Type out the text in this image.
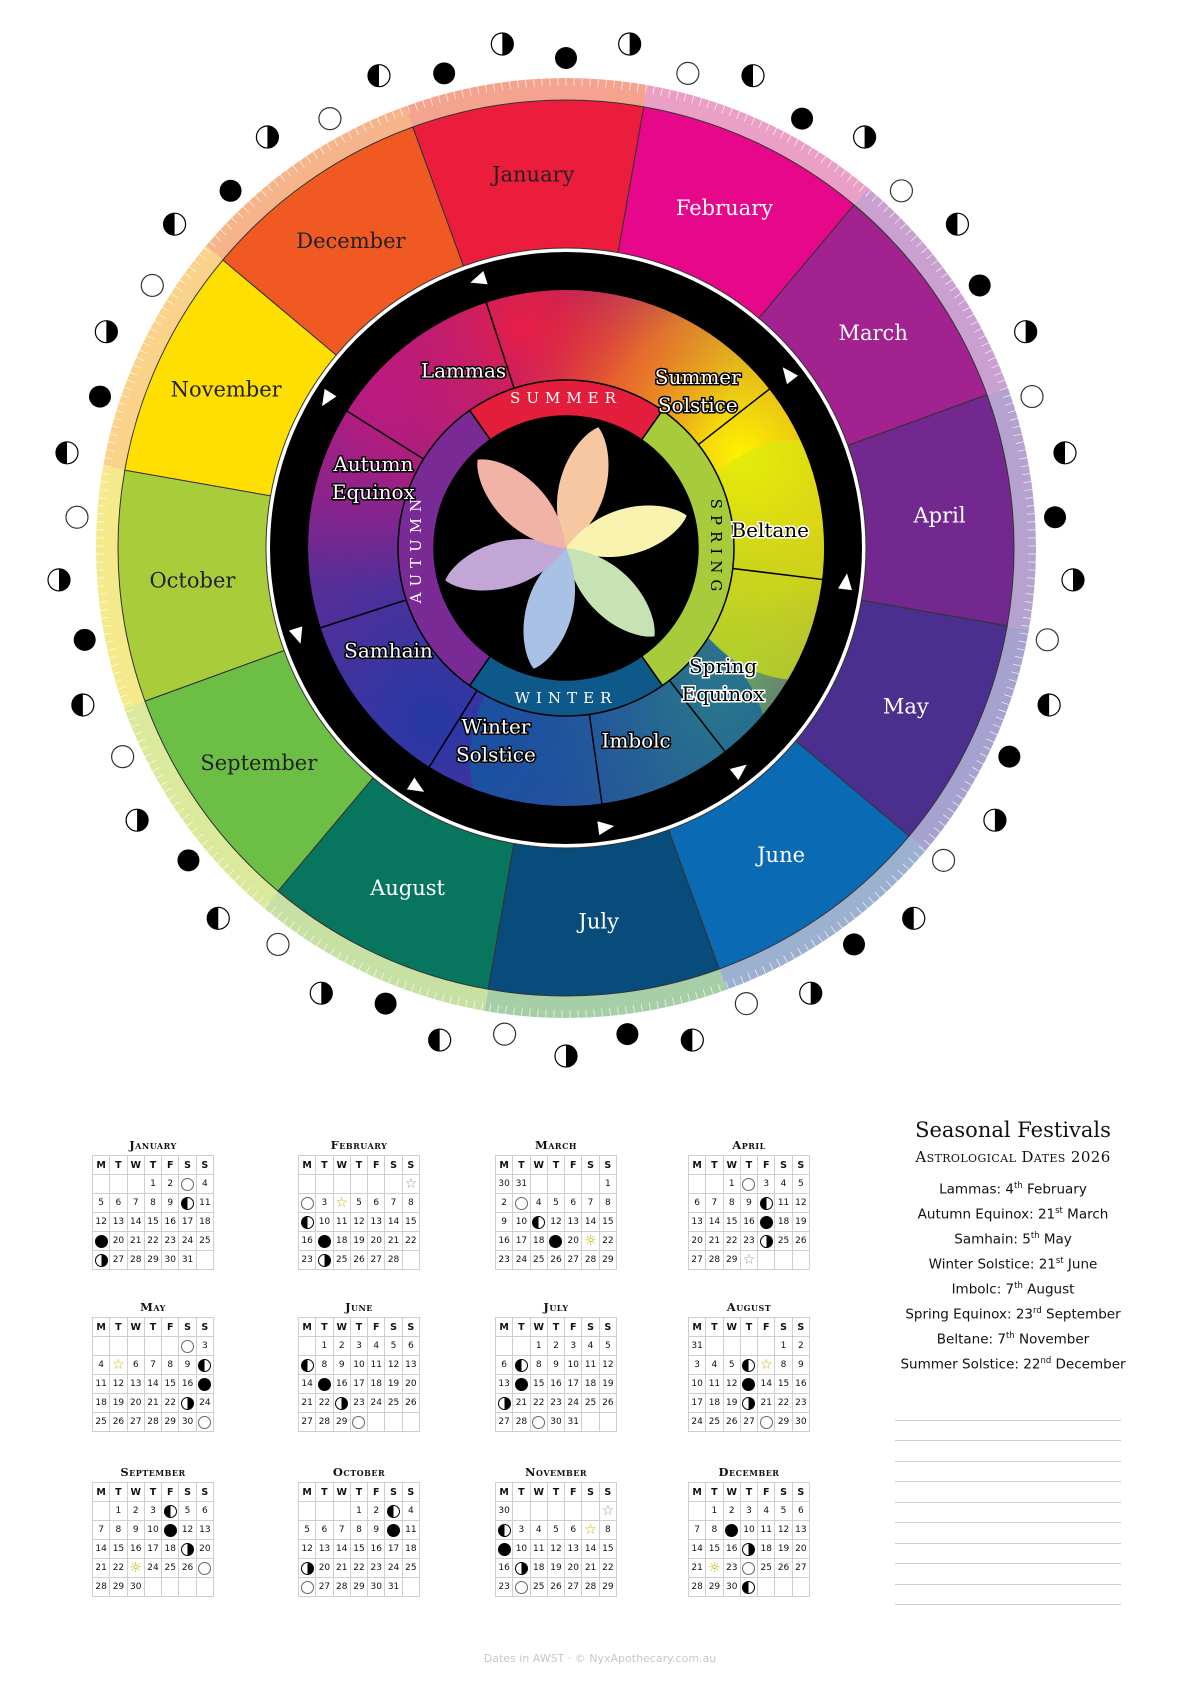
January
December
November
October
September
August
July
June
May
April
March
February
Summer Solstice
Beltane
Spring Equinox
Imbolc
Winter Solstice
Samhain
Autumn Equinox
Lammas
SUMMER
SPRING
WINTER
AUTUMN
January
M	T	W	T	F	S	S
			1	2		4
5	6	7	8	9		11
12	13	14	15	16	17	18
	20	21	22	23	24	25
	27	28	29	30	31	
February
M	T	W	T	F	S	S
						☆
	3	☆	5	6	7	8
	10	11	12	13	14	15
16		18	19	20	21	22
23		25	26	27	28	
March
M	T	W	T	F	S	S
30	31					1
2		4	5	6	7	8
9	10		12	13	14	15
16	17	18		20	☼	22
23	24	25	26	27	28	29
April
M	T	W	T	F	S	S
		1		3	4	5
6	7	8	9		11	12
13	14	15	16		18	19
20	21	22	23		25	26
27	28	29	☆			
May
M	T	W	T	F	S	S
						3
4	☆	6	7	8	9	
11	12	13	14	15	16	
18	19	20	21	22		24
25	26	27	28	29	30	
June
M	T	W	T	F	S	S
	1	2	3	4	5	6
	8	9	10	11	12	13
14		16	17	18	19	20
21	22		23	24	25	26
27	28	29				
July
M	T	W	T	F	S	S
		1	2	3	4	5
6		8	9	10	11	12
13		15	16	17	18	19
	21	22	23	24	25	26
27	28		30	31		
August
M	T	W	T	F	S	S
31					1	2
3	4	5		☆	8	9
10	11	12		14	15	16
17	18	19		21	22	23
24	25	26	27		29	30
September
M	T	W	T	F	S	S
	1	2	3		5	6
7	8	9	10		12	13
14	15	16	17	18		20
21	22	☼	24	25	26	
28	29	30				
October
M	T	W	T	F	S	S
			1	2		4
5	6	7	8	9		11
12	13	14	15	16	17	18
	20	21	22	23	24	25
	27	28	29	30	31	
November
M	T	W	T	F	S	S
30						☆
	3	4	5	6	☆	8
	10	11	12	13	14	15
16		18	19	20	21	22
23		25	26	27	28	29
December
M	T	W	T	F	S	S
	1	2	3	4	5	6
7	8		10	11	12	13
14	15	16		18	19	20
21	☼	23		25	26	27
28	29	30				
Seasonal Festivals
Astrological Dates 2026
Lammas: 4th February
Autumn Equinox: 21st March
Samhain: 5th May
Winter Solstice: 21st June
Imbolc: 7th August
Spring Equinox: 23rd September
Beltane: 7th November
Summer Solstice: 22nd December
Dates in AWST · © NyxApothecary.com.au
